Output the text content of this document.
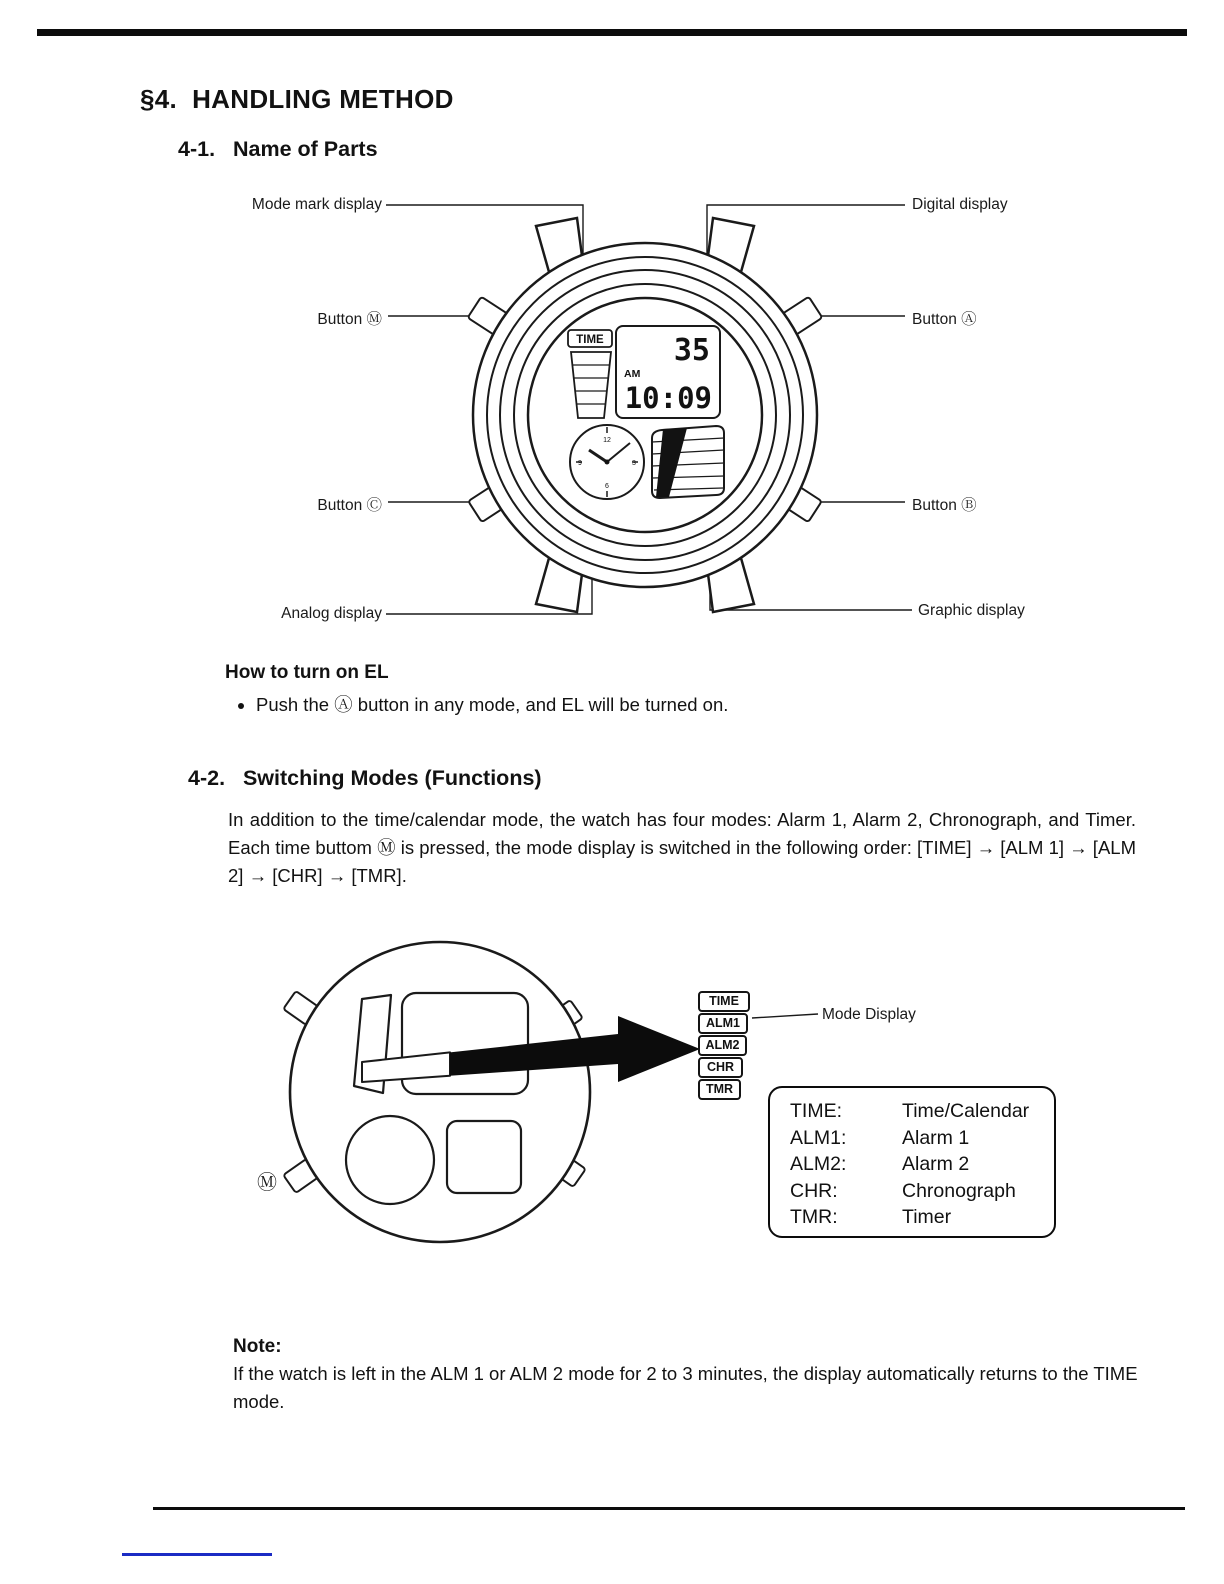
§4.  HANDLING METHOD
4-1.   Name of Parts
TIME 35
AM
10:09
12
3
6
9
Mode mark display	Digital display
Button Ⓜ	Button Ⓐ
Button Ⓒ	Button Ⓑ
Analog display	Graphic display
How to turn on EL
• Push the Ⓐ button in any mode, and EL will be turned on.
4-2.   Switching Modes (Functions)
In addition to the time/calendar mode, the watch has four modes: Alarm 1, Alarm 2, Chronograph, and Timer. Each time buttom Ⓜ is pressed, the mode display is switched in the following order: [TIME] → [ALM 1] → [ALM 2] → [CHR] → [TMR].
TIME
ALM1
ALM2
CHR
TMR
Mode Display
Ⓜ
TIME:	Time/Calendar
ALM1:	Alarm 1
ALM2:	Alarm 2
CHR:	Chronograph
TMR:	Timer
Note:
If the watch is left in the ALM 1 or ALM 2 mode for 2 to 3 minutes, the display automatically returns to the TIME mode.
